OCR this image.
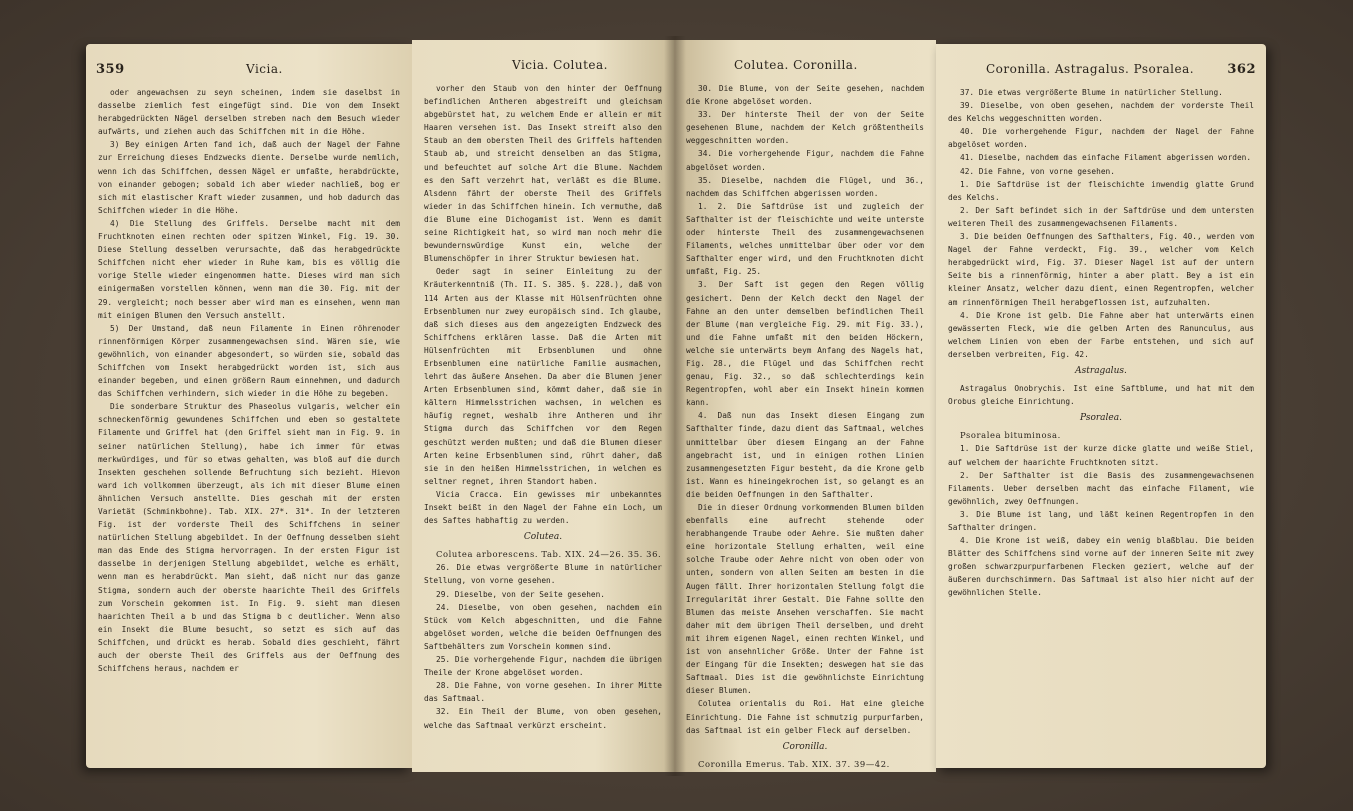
359	Vicia.

oder angewachsen zu seyn scheinen, indem sie daselbst in dasselbe ziemlich fest eingefügt sind. Die von dem Insekt herabgedrückten Nägel derselben streben nach dem Besuch wieder aufwärts, und ziehen auch das Schiffchen mit in die Höhe.

3) Bey einigen Arten fand ich, daß auch der Nagel der Fahne zur Erreichung dieses Endzwecks diente. Derselbe wurde nemlich, wenn ich das Schiffchen, dessen Nägel er umfaßte, herabdrückte, von einander gebogen; sobald ich aber wieder nachließ, bog er sich mit elastischer Kraft wieder zusammen, und hob dadurch das Schiffchen wieder in die Höhe.

4) Die Stellung des Griffels. Derselbe macht mit dem Fruchtknoten einen rechten oder spitzen Winkel, Fig. 19. 30. Diese Stellung desselben verursachte, daß das herabgedrückte Schiffchen nicht eher wieder in Ruhe kam, bis es völlig die vorige Stelle wieder eingenommen hatte. Dieses wird man sich einigermaßen vorstellen können, wenn man die 30. Fig. mit der 29. vergleicht; noch besser aber wird man es einsehen, wenn man mit einigen Blumen den Versuch anstellt.

5) Der Umstand, daß neun Filamente in Einen röhrenoder rinnenförmigen Körper zusammengewachsen sind. Wären sie, wie gewöhnlich, von einander abgesondert, so würden sie, sobald das Schiffchen vom Insekt herabgedrückt worden ist, sich aus einander begeben, und einen größern Raum einnehmen, und dadurch das Schiffchen verhindern, sich wieder in die Höhe zu begeben.

Die sonderbare Struktur des Phaseolus vulgaris, welcher ein schneckenförmig gewundenes Schiffchen und eben so gestaltete Filamente und Griffel hat (den Griffel sieht man in Fig. 9. in seiner natürlichen Stellung), habe ich immer für etwas merkwürdiges, und für so etwas gehalten, was bloß auf die durch Insekten geschehen sollende Befruchtung sich bezieht. Hievon ward ich vollkommen überzeugt, als ich mit dieser Blume einen ähnlichen Versuch anstellte. Dies geschah mit der ersten Varietät (Schminkbohne). Tab. XIX. 27*. 31*. In der letzteren Fig. ist der vorderste Theil des Schiffchens in seiner natürlichen Stellung abgebildet. In der Oeffnung desselben sieht man das Ende des Stigma hervorragen. In der ersten Figur ist dasselbe in derjenigen Stellung abgebildet, welche es erhält, wenn man es herabdrückt. Man sieht, daß nicht nur das ganze Stigma, sondern auch der oberste haarichte Theil des Griffels zum Vorschein gekommen ist. In Fig. 9. sieht man diesen haarichten Theil a b und das Stigma b c deutlicher. Wenn also ein Insekt die Blume besucht, so setzt es sich auf das Schiffchen, und drückt es herab. Sobald dies geschieht, fährt auch der oberste Theil des Griffels aus der Oeffnung des Schiffchens heraus, nachdem er

Vicia. Colutea.

vorher den Staub von den hinter der Oeffnung befindlichen Antheren abgestreift und gleichsam abgebürstet hat, zu welchem Ende er allein er mit Haaren versehen ist. Das Insekt streift also den Staub an dem obersten Theil des Griffels haftenden Staub ab, und streicht denselben an das Stigma, und befeuchtet auf solche Art die Blume. Nachdem es den Saft verzehrt hat, verläßt es die Blume. Alsdenn fährt der oberste Theil des Griffels wieder in das Schiffchen hinein. Ich vermuthe, daß die Blume eine Dichogamist ist. Wenn es damit seine Richtigkeit hat, so wird man noch mehr die bewundernswürdige Kunst ein, welche der Blumenschöpfer in ihrer Struktur bewiesen hat.

Oeder sagt in seiner Einleitung zu der Kräuterkenntniß (Th. II. S. 385. §. 228.), daß von 114 Arten aus der Klasse mit Hülsenfrüchten ohne Erbsenblumen nur zwey europäisch sind. Ich glaube, daß sich dieses aus dem angezeigten Endzweck des Schiffchens erklären lasse. Daß die Arten mit Hülsenfrüchten mit Erbsenblumen und ohne Erbsenblumen eine natürliche Familie ausmachen, lehrt das äußere Ansehen. Da aber die Blumen jener Arten Erbsenblumen sind, kömmt daher, daß sie in kältern Himmelsstrichen wachsen, in welchen es häufig regnet, weshalb ihre Antheren und ihr Stigma durch das Schiffchen vor dem Regen geschützt werden mußten; und daß die Blumen dieser Arten keine Erbsenblumen sind, rührt daher, daß sie in den heißen Himmelsstrichen, in welchen es seltner regnet, ihren Standort haben.

Vicia Cracca. Ein gewisses mir unbekanntes Insekt beißt in den Nagel der Fahne ein Loch, um des Saftes habhaftig zu werden.

Colutea.

Colutea arborescens. Tab. XIX. 24—26. 35. 36.

26. Die etwas vergrößerte Blume in natürlicher Stellung, von vorne gesehen.

29. Dieselbe, von der Seite gesehen.

24. Dieselbe, von oben gesehen, nachdem ein Stück vom Kelch abgeschnitten, und die Fahne abgelöset worden, welche die beiden Oeffnungen des Saftbehälters zum Vorschein kommen sind.

25. Die vorhergehende Figur, nachdem die übrigen Theile der Krone abgelöset worden.

28. Die Fahne, von vorne gesehen. In ihrer Mitte das Saftmaal.

32. Ein Theil der Blume, von oben gesehen, welche das Saftmaal verkürzt erscheint.

Colutea. Coronilla.

30. Die Blume, von der Seite gesehen, nachdem die Krone abgelöset worden.

33. Der hinterste Theil der von der Seite gesehenen Blume, nachdem der Kelch größtentheils weggeschnitten worden.

34. Die vorhergehende Figur, nachdem die Fahne abgelöset worden.

35. Dieselbe, nachdem die Flügel, und 36., nachdem das Schiffchen abgerissen worden.

1. 2. Die Saftdrüse ist und zugleich der Safthalter ist der fleischichte und weite unterste oder hinterste Theil des zusammengewachsenen Filaments, welches unmittelbar über oder vor dem Safthalter enger wird, und den Fruchtknoten dicht umfaßt, Fig. 25.

3. Der Saft ist gegen den Regen völlig gesichert. Denn der Kelch deckt den Nagel der Fahne an den unter demselben befindlichen Theil der Blume (man vergleiche Fig. 29. mit Fig. 33.), und die Fahne umfaßt mit den beiden Höckern, welche sie unterwärts beym Anfang des Nagels hat, Fig. 28., die Flügel und das Schiffchen recht genau, Fig. 32., so daß schlechterdings kein Regentropfen, wohl aber ein Insekt hinein kommen kann.

4. Daß nun das Insekt diesen Eingang zum Safthalter finde, dazu dient das Saftmaal, welches unmittelbar über diesem Eingang an der Fahne angebracht ist, und in einigen rothen Linien zusammengesetzten Figur besteht, da die Krone gelb ist. Wann es hineingekrochen ist, so gelangt es an die beiden Oeffnungen in den Safthalter.

Die in dieser Ordnung vorkommenden Blumen bilden ebenfalls eine aufrecht stehende oder herabhangende Traube oder Aehre. Sie mußten daher eine horizontale Stellung erhalten, weil eine solche Traube oder Aehre nicht von oben oder von unten, sondern von allen Seiten am besten in die Augen fällt. Ihrer horizontalen Stellung folgt die Irregularität ihrer Gestalt. Die Fahne sollte den Blumen das meiste Ansehen verschaffen. Sie macht daher mit dem übrigen Theil derselben, und dreht mit ihrem eigenen Nagel, einen rechten Winkel, und ist von ansehnlicher Größe. Unter der Fahne ist der Eingang für die Insekten; deswegen hat sie das Saftmaal. Dies ist die gewöhnlichste Einrichtung dieser Blumen.

Colutea orientalis du Roi. Hat eine gleiche Einrichtung. Die Fahne ist schmutzig purpurfarben, das Saftmaal ist ein gelber Fleck auf derselben.

Coronilla.

Coronilla Emerus. Tab. XIX. 37. 39—42.

Coronilla. Astragalus. Psoralea.	362

37. Die etwas vergrößerte Blume in natürlicher Stellung.

39. Dieselbe, von oben gesehen, nachdem der vorderste Theil des Kelchs weggeschnitten worden.

40. Die vorhergehende Figur, nachdem der Nagel der Fahne abgelöset worden.

41. Dieselbe, nachdem das einfache Filament abgerissen worden.

42. Die Fahne, von vorne gesehen.

1. Die Saftdrüse ist der fleischichte inwendig glatte Grund des Kelchs.

2. Der Saft befindet sich in der Saftdrüse und dem untersten weiteren Theil des zusammengewachsenen Filaments.

3. Die beiden Oeffnungen des Safthalters, Fig. 40., werden vom Nagel der Fahne verdeckt, Fig. 39., welcher vom Kelch herabgedrückt wird, Fig. 37. Dieser Nagel ist auf der untern Seite bis a rinnenförmig, hinter a aber platt. Bey a ist ein kleiner Ansatz, welcher dazu dient, einen Regentropfen, welcher am rinnenförmigen Theil herabgeflossen ist, aufzuhalten.

4. Die Krone ist gelb. Die Fahne aber hat unterwärts einen gewässerten Fleck, wie die gelben Arten des Ranunculus, aus welchem Linien von eben der Farbe entstehen, und sich auf derselben verbreiten, Fig. 42.

Astragalus.

Astragalus Onobrychis. Ist eine Saftblume, und hat mit dem Orobus gleiche Einrichtung.

Psoralea.

Psoralea bituminosa.

1. Die Saftdrüse ist der kurze dicke glatte und weiße Stiel, auf welchem der haarichte Fruchtknoten sitzt.

2. Der Safthalter ist die Basis des zusammengewachsenen Filaments. Ueber derselben macht das einfache Filament, wie gewöhnlich, zwey Oeffnungen.

3. Die Blume ist lang, und läßt keinen Regentropfen in den Safthalter dringen.

4. Die Krone ist weiß, dabey ein wenig blaßblau. Die beiden Blätter des Schiffchens sind vorne auf der inneren Seite mit zwey großen schwarzpurpurfarbenen Flecken geziert, welche auf der äußeren durchschimmern. Das Saftmaal ist also hier nicht auf der gewöhnlichen Stelle.
